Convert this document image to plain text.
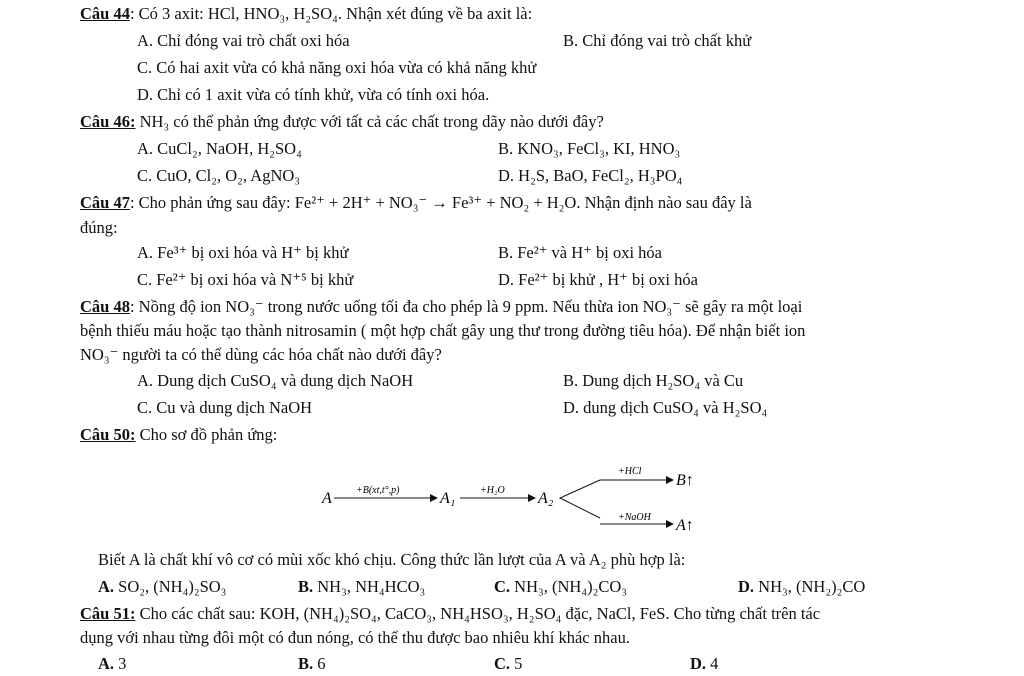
Câu 44: Có 3 axit: HCl, HNO₃, H₂SO₄. Nhận xét đúng về ba axit là:
A. Chỉ đóng vai trò chất oxi hóa	B. Chỉ đóng vai trò chất khử
C. Có hai axit vừa có khả năng oxi hóa vừa có khả năng khử
D. Chỉ có 1 axit vừa có tính khử, vừa có tính oxi hóa.
Câu 46: NH₃ có thể phản ứng được với tất cả các chất trong dãy nào dưới đây?
A. CuCl₂, NaOH, H₂SO₄	B. KNO₃, FeCl₃, KI, HNO₃
C. CuO, Cl₂, O₂, AgNO₃	D. H₂S, BaO, FeCl₂, H₃PO₄
Câu 47: Cho phản ứng sau đây: Fe²⁺ + 2H⁺ + NO₃⁻ → Fe³⁺ + NO₂ + H₂O. Nhận định nào sau đây là
đúng:
A. Fe³⁺ bị oxi hóa và H⁺ bị khử	B. Fe²⁺ và H⁺ bị oxi hóa
C. Fe²⁺ bị oxi hóa và N⁺⁵ bị khử	D. Fe²⁺ bị khử , H⁺ bị oxi hóa
Câu 48: Nồng độ ion NO₃⁻ trong nước uống tối đa cho phép là 9 ppm. Nếu thừa ion NO₃⁻ sẽ gây ra một loại
bệnh thiếu máu hoặc tạo thành nitrosamin ( một hợp chất gây ung thư trong đường tiêu hóa). Để nhận biết ion
NO₃⁻ người ta có thể dùng các hóa chất nào dưới đây?
A. Dung dịch CuSO₄ và dung dịch NaOH	B. Dung dịch H₂SO₄ và Cu
C. Cu và dung dịch NaOH	D. dung dịch CuSO₄ và H₂SO₄
Câu 50: Cho sơ đồ phản ứng:
A +B(xt,t°,p)	A₁ +H₂O A₂
+HCl
B↑
+NaOH A↑
Biết A là chất khí vô cơ có mùi xốc khó chịu. Công thức lần lượt của A và A₂ phù hợp là:
A. SO₂, (NH₄)₂SO₃	B. NH₃, NH₄HCO₃	C. NH₃, (NH₄)₂CO₃	D. NH₃, (NH₂)₂CO
Câu 51: Cho các chất sau: KOH, (NH₄)₂SO₄, CaCO₃, NH₄HSO₃, H₂SO₄ đặc, NaCl, FeS. Cho từng chất trên tác
dụng với nhau từng đôi một có đun nóng, có thể thu được bao nhiêu khí khác nhau.
A. 3	B. 6	C. 5	D. 4
